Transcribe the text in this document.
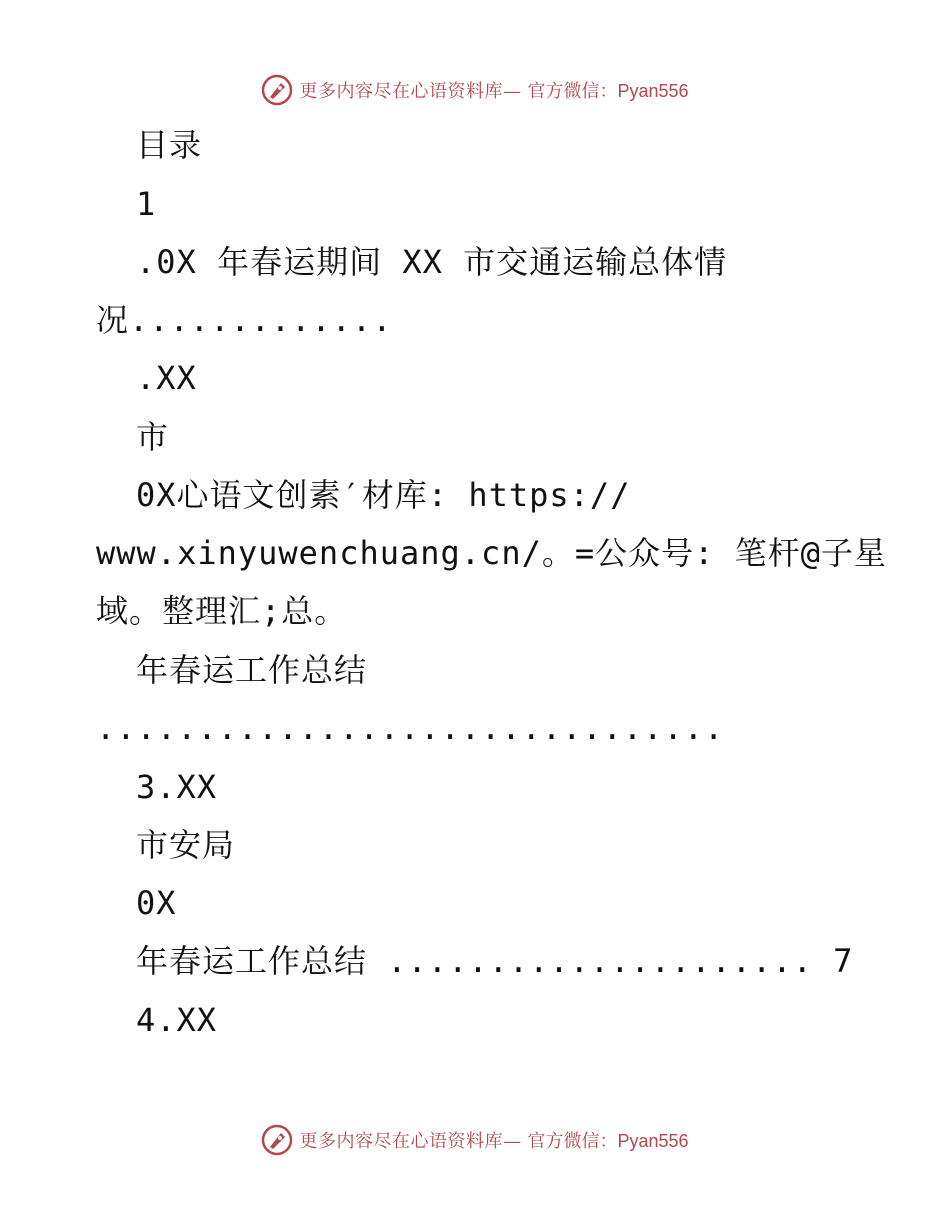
更多内容尽在心语资料库— 官方微信：Pyan556
目录
1
.0X 年春运期间 XX 市交通运输总体情
况.............
.XX
市
0X心语文创素′材库: https://
www.xinyuwenchuang.cn/。=公众号: 笔杆@子星
域。整理汇;总。
年春运工作总结
...............................
3.XX
市安局
0X
年春运工作总结 ..................... 7
4.XX
更多内容尽在心语资料库— 官方微信：Pyan556
